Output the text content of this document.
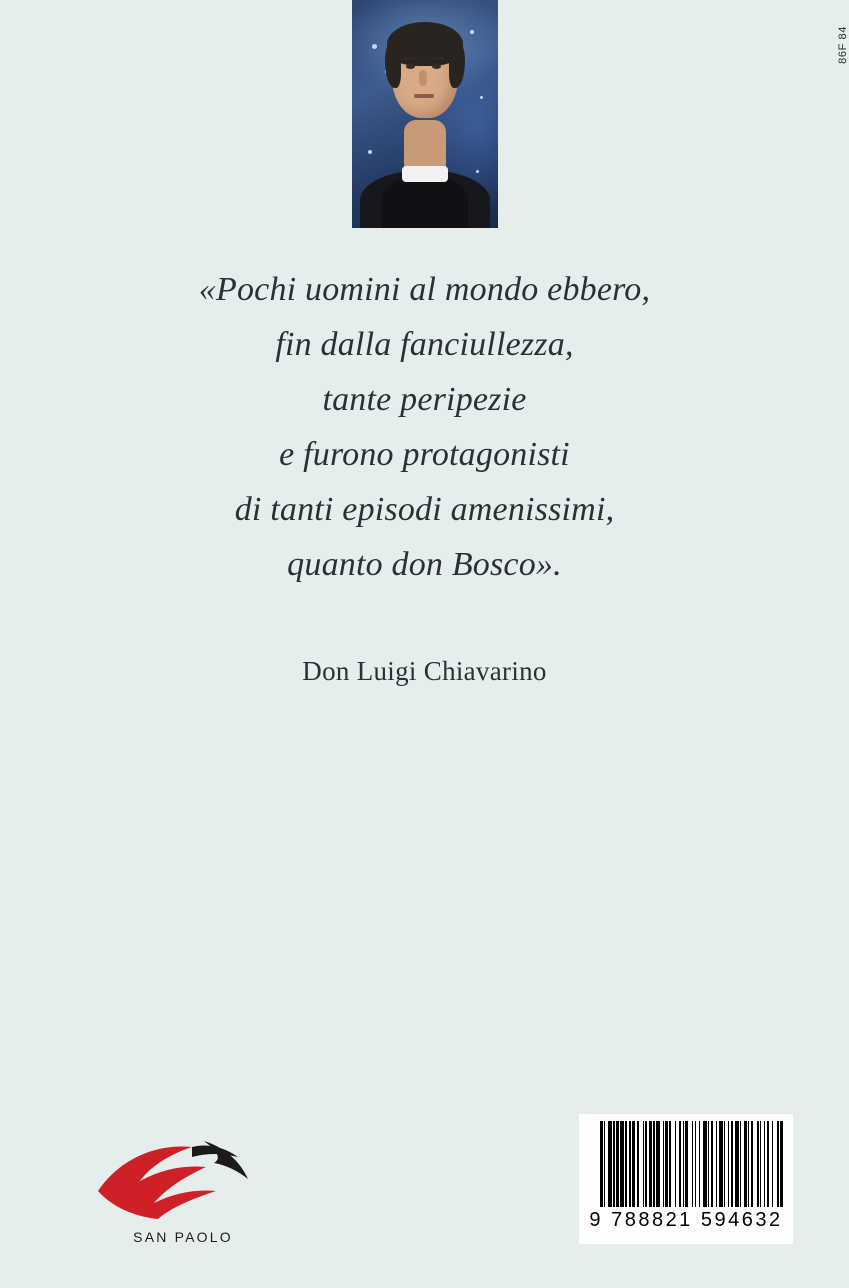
86F 84
«Pochi uomini al mondo ebbero,
fin dalla fanciullezza,
tante peripezie
e furono protagonisti
di tanti episodi amenissimi,
quanto don Bosco».
Don Luigi Chiavarino
SAN PAOLO
9 788821 594632
